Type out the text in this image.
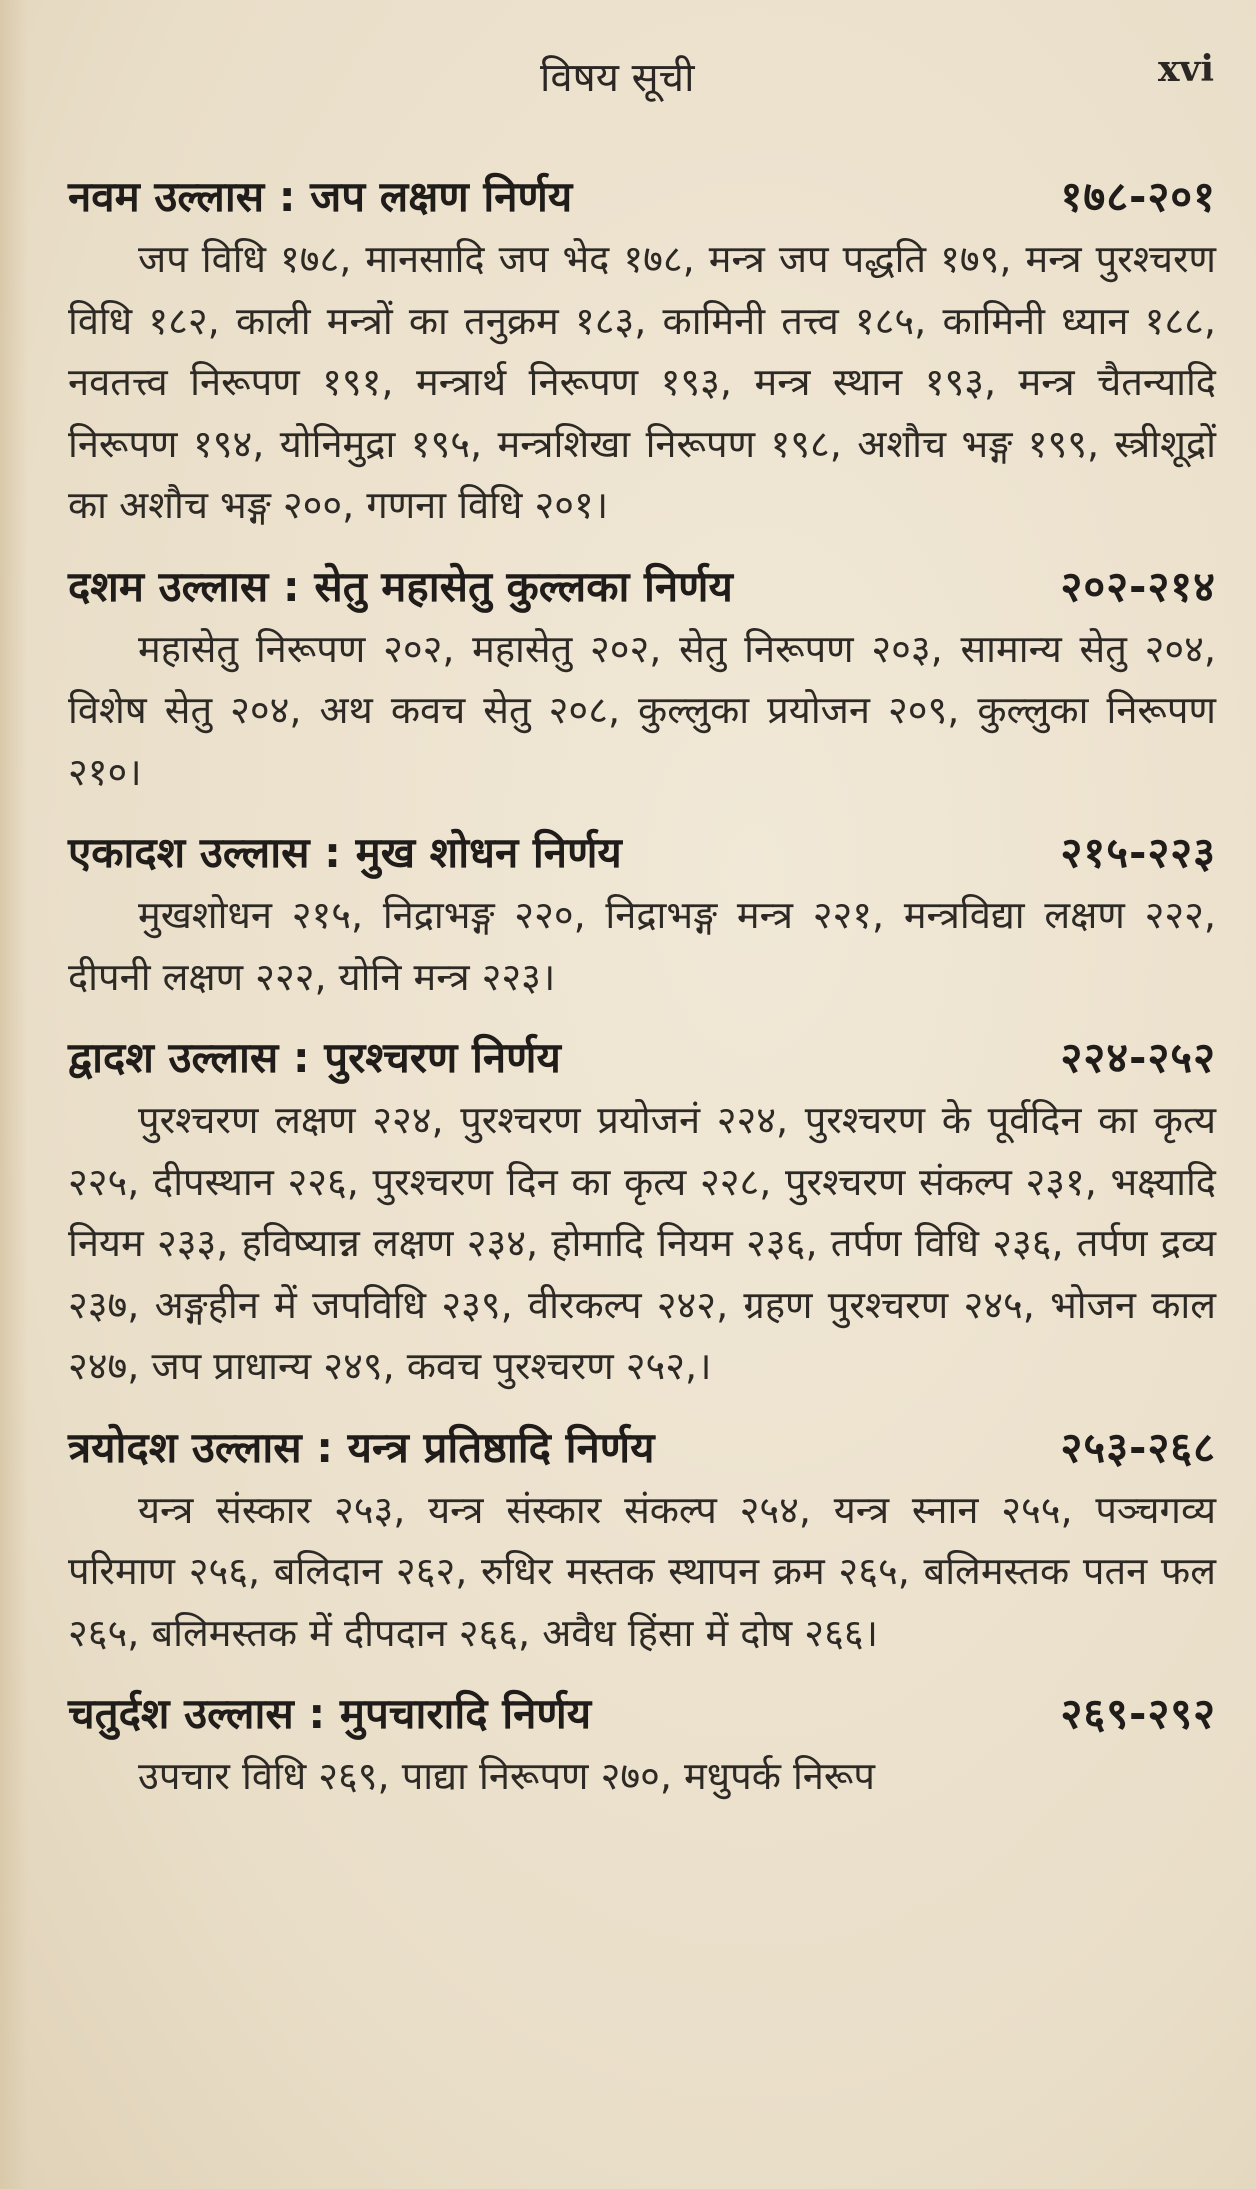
विषय सूची	xvi
नवम उल्लास : जप लक्षण निर्णय	१७८-२०१

जप विधि १७८, मानसादि जप भेद १७८, मन्त्र जप पद्धति १७९, मन्त्र पुरश्चरण विधि १८२, काली मन्त्रों का तनुक्रम १८३, कामिनी तत्त्व १८५, कामिनी ध्यान १८८, नवतत्त्व निरूपण १९१, मन्त्रार्थ निरूपण १९३, मन्त्र स्थान १९३, मन्त्र चैतन्यादि निरूपण १९४, योनिमुद्रा १९५, मन्त्रशिखा निरूपण १९८, अशौच भङ्ग १९९, स्त्रीशूद्रों का अशौच भङ्ग २००, गणना विधि २०१।

दशम उल्लास : सेतु महासेतु कुल्लका निर्णय	२०२-२१४

महासेतु निरूपण २०२, महासेतु २०२, सेतु निरूपण २०३, सामान्य सेतु २०४, विशेष सेतु २०४, अथ कवच सेतु २०८, कुल्लुका प्रयोजन २०९, कुल्लुका निरूपण २१०।

एकादश उल्लास : मुख शोधन निर्णय	२१५-२२३

मुखशोधन २१५, निद्राभङ्ग २२०, निद्राभङ्ग मन्त्र २२१, मन्त्रविद्या लक्षण २२२, दीपनी लक्षण २२२, योनि मन्त्र २२३।

द्वादश उल्लास : पुरश्चरण निर्णय	२२४-२५२

पुरश्चरण लक्षण २२४, पुरश्चरण प्रयोजनं २२४, पुरश्चरण के पूर्वदिन का कृत्य २२५, दीपस्थान २२६, पुरश्चरण दिन का कृत्य २२८, पुरश्चरण संकल्प २३१, भक्ष्यादि नियम २३३, हविष्यान्न लक्षण २३४, होमादि नियम २३६, तर्पण विधि २३६, तर्पण द्रव्य २३७, अङ्गहीन में जपविधि २३९, वीरकल्प २४२, ग्रहण पुरश्चरण २४५, भोजन काल २४७, जप प्राधान्य २४९, कवच पुरश्चरण २५२,।

त्रयोदश उल्लास : यन्त्र प्रतिष्ठादि निर्णय	२५३-२६८

यन्त्र संस्कार २५३, यन्त्र संस्कार संकल्प २५४, यन्त्र स्नान २५५, पञ्चगव्य परिमाण २५६, बलिदान २६२, रुधिर मस्तक स्थापन क्रम २६५, बलिमस्तक पतन फल २६५, बलिमस्तक में दीपदान २६६, अवैध हिंसा में दोष २६६।

चतुर्दश उल्लास : मुपचारादि निर्णय	२६९-२९२

उपचार विधि २६९, पाद्या निरूपण २७०, मधुपर्क निरूप
